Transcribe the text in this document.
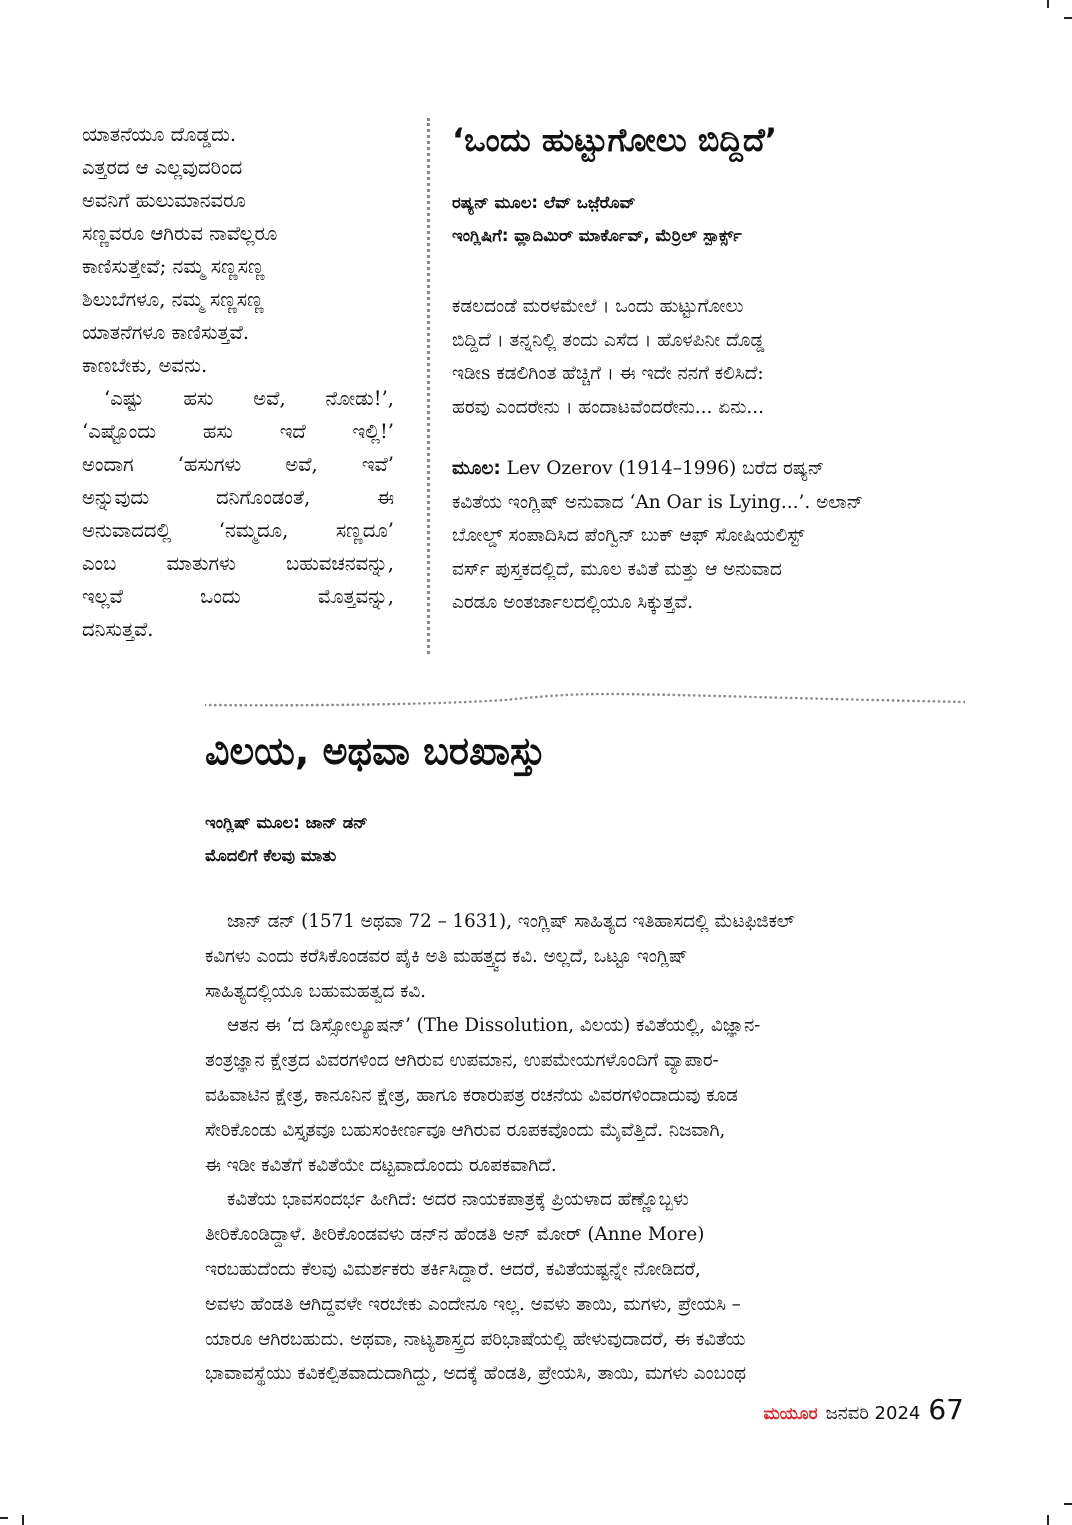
ಯಾತನೆಯೂ ದೊಡ್ಡದು.
ಎತ್ತರದ ಆ ಎಲ್ಲವುದರಿಂದ
ಅವನಿಗೆ ಹುಲುಮಾನವರೂ
ಸಣ್ಣವರೂ ಆಗಿರುವ ನಾವೆಲ್ಲರೂ
ಕಾಣಿಸುತ್ತೇವೆ; ನಮ್ಮ ಸಣ್ಣಸಣ್ಣ
ಶಿಲುಬೆಗಳೂ, ನಮ್ಮ ಸಣ್ಣಸಣ್ಣ
ಯಾತನೆಗಳೂ ಕಾಣಿಸುತ್ತವೆ.
ಕಾಣಬೇಕು, ಅವನು.
‘ಎಷ್ಟು ಹಸು ಅವೆ, ನೋಡು!’,
‘ಎಷ್ಟೊಂದು ಹಸು ಇದೆ ಇಲ್ಲಿ!’
ಅಂದಾಗ ‘ಹಸುಗಳು ಅವೆ, ಇವೆ’
ಅನ್ನುವುದು ದನಿಗೊಂಡಂತೆ, ಈ
ಅನುವಾದದಲ್ಲಿ ‘ನಮ್ಮದೂ, ಸಣ್ಣದೂ’
ಎಂಬ ಮಾತುಗಳು ಬಹುವಚನವನ್ನು,
ಇಲ್ಲವೆ ಒಂದು ಮೊತ್ತವನ್ನು,
ದನಿಸುತ್ತವೆ.
‘ಒಂದು ಹುಟ್ಟುಗೋಲು ಬಿದ್ದಿದೆ’
ರಷ್ಯನ್ ಮೂಲ: ಲೆವ್ ಒಜ಼ೆರೊವ್
ಇಂಗ್ಲಿಷಿಗೆ: ವ್ಲಾದಿಮಿರ್ ಮಾರ್ಕೊವ್, ಮೆರ್ರಿಲ್ ಸ್ಪಾರ್ಕ್ಸ್
ಕಡಲದಂಡೆ ಮರಳಮೇಲೆ । ಒಂದು ಹುಟ್ಟುಗೋಲು
ಬಿದ್ದಿದೆ । ತನ್ನನಿಲ್ಲಿ ತಂದು ಎಸೆದ । ಹೊಳಪಿನೀ ದೊಡ್ಡ
ಇಡೀs ಕಡಲಿಗಿಂತ ಹೆಚ್ಚಿಗೆ । ಈ ಇದೇ ನನಗೆ ಕಲಿಸಿದೆ:
ಹರವು ಎಂದರೇನು । ಹಂದಾಟವೆಂದರೇನು... ಏನು...
ಮೂಲ: Lev Ozerov (1914–1996) ಬರೆದ ರಷ್ಯನ್
ಕವಿತೆಯ ಇಂಗ್ಲಿಷ್ ಅನುವಾದ ‘An Oar is Lying...’. ಅಲಾನ್
ಬೋಲ್ಡ್ ಸಂಪಾದಿಸಿದ ಪೆಂಗ್ವಿನ್ ಬುಕ್ ಆಫ್ ಸೋಷಿಯಲಿಸ್ಟ್
ವರ್ಸ್ ಪುಸ್ತಕದಲ್ಲಿದೆ, ಮೂಲ ಕವಿತೆ ಮತ್ತು ಆ ಅನುವಾದ
ಎರಡೂ ಅಂತರ್ಜಾಲದಲ್ಲಿಯೂ ಸಿಕ್ಕುತ್ತವೆ.
ವಿಲಯ, ಅಥವಾ ಬರಖಾಸ್ತು
ಇಂಗ್ಲಿಷ್ ಮೂಲ: ಜಾನ್ ಡನ್
ಮೊದಲಿಗೆ ಕೆಲವು ಮಾತು

ಜಾನ್ ಡನ್ (1571 ಅಥವಾ 72 – 1631), ಇಂಗ್ಲಿಷ್ ಸಾಹಿತ್ಯದ ಇತಿಹಾಸದಲ್ಲಿ ಮೆಟಫಿಜಿಕಲ್
ಕವಿಗಳು ಎಂದು ಕರೆಸಿಕೊಂಡವರ ಪೈಕಿ ಅತಿ ಮಹತ್ತ್ವದ ಕವಿ. ಅಲ್ಲದೆ, ಒಟ್ಟೂ ಇಂಗ್ಲಿಷ್
ಸಾಹಿತ್ಯದಲ್ಲಿಯೂ ಬಹುಮಹತ್ವದ ಕವಿ.

ಆತನ ಈ ‘ದ ಡಿಸ್ಸೋಲ್ಯೂಷನ್’ (The Dissolution, ವಿಲಯ) ಕವಿತೆಯಲ್ಲಿ, ವಿಜ್ಞಾನ-
ತಂತ್ರಜ್ಞಾನ ಕ್ಷೇತ್ರದ ವಿವರಗಳಿಂದ ಆಗಿರುವ ಉಪಮಾನ, ಉಪಮೇಯಗಳೊಂದಿಗೆ ವ್ಯಾಪಾರ-
ವಹಿವಾಟಿನ ಕ್ಷೇತ್ರ, ಕಾನೂನಿನ ಕ್ಷೇತ್ರ, ಹಾಗೂ ಕರಾರುಪತ್ರ ರಚನೆಯ ವಿವರಗಳಿಂದಾದುವು ಕೂಡ
ಸೇರಿಕೊಂಡು ವಿಸ್ತೃತವೂ ಬಹುಸಂಕೀರ್ಣವೂ ಆಗಿರುವ ರೂಪಕವೊಂದು ಮೈವೆತ್ತಿದೆ. ನಿಜವಾಗಿ,
ಈ ಇಡೀ ಕವಿತೆಗೆ ಕವಿತೆಯೇ ದಟ್ಟವಾದೊಂದು ರೂಪಕವಾಗಿದೆ.

ಕವಿತೆಯ ಭಾವಸಂದರ್ಭ ಹೀಗಿದೆ: ಅದರ ನಾಯಕಪಾತ್ರಕ್ಕೆ ಪ್ರಿಯಳಾದ ಹೆಣ್ಣೊಬ್ಬಳು
ತೀರಿಕೊಂಡಿದ್ದಾಳೆ. ತೀರಿಕೊಂಡವಳು ಡನ್‌ನ ಹೆಂಡತಿ ಅನ್ ಮೋರ್ (Anne More)
ಇರಬಹುದೆಂದು ಕೆಲವು ವಿಮರ್ಶಕರು ತರ್ಕಿಸಿದ್ದಾರೆ. ಆದರೆ, ಕವಿತೆಯಷ್ಟನ್ನೇ ನೋಡಿದರೆ,
ಅವಳು ಹೆಂಡತಿ ಆಗಿದ್ದವಳೇ ಇರಬೇಕು ಎಂದೇನೂ ಇಲ್ಲ. ಅವಳು ತಾಯಿ, ಮಗಳು, ಪ್ರೇಯಸಿ –
ಯಾರೂ ಆಗಿರಬಹುದು. ಅಥವಾ, ನಾಟ್ಯಶಾಸ್ತ್ರದ ಪರಿಭಾಷೆಯಲ್ಲಿ ಹೇಳುವುದಾದರೆ, ಈ ಕವಿತೆಯ
ಭಾವಾವಸ್ಥೆಯು ಕವಿಕಲ್ಪಿತವಾದುದಾಗಿದ್ದು, ಅದಕ್ಕೆ ಹೆಂಡತಿ, ಪ್ರೇಯಸಿ, ತಾಯಿ, ಮಗಳು ಎಂಬಂಥ

ಮಯೂರ ಜನವರಿ 2024 67
